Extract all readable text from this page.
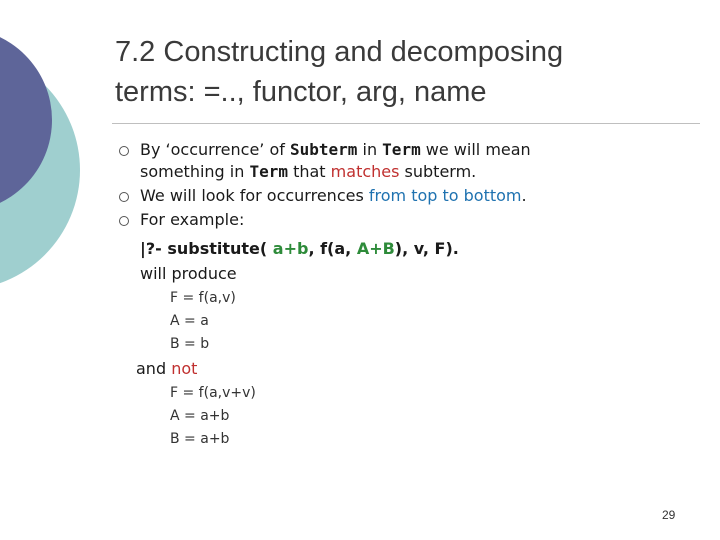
7.2 Constructing and decomposing
terms: =.., functor, arg, name
By ‘occurrence’ of Subterm in Term we will mean
something in Term that matches subterm.
We will look for occurrences from top to bottom.
For example:
|?- substitute( a+b, f(a, A+B), v, F).
will produce
F = f(a,v)
A = a
B = b
and not
F = f(a,v+v)
A = a+b
B = a+b
29
